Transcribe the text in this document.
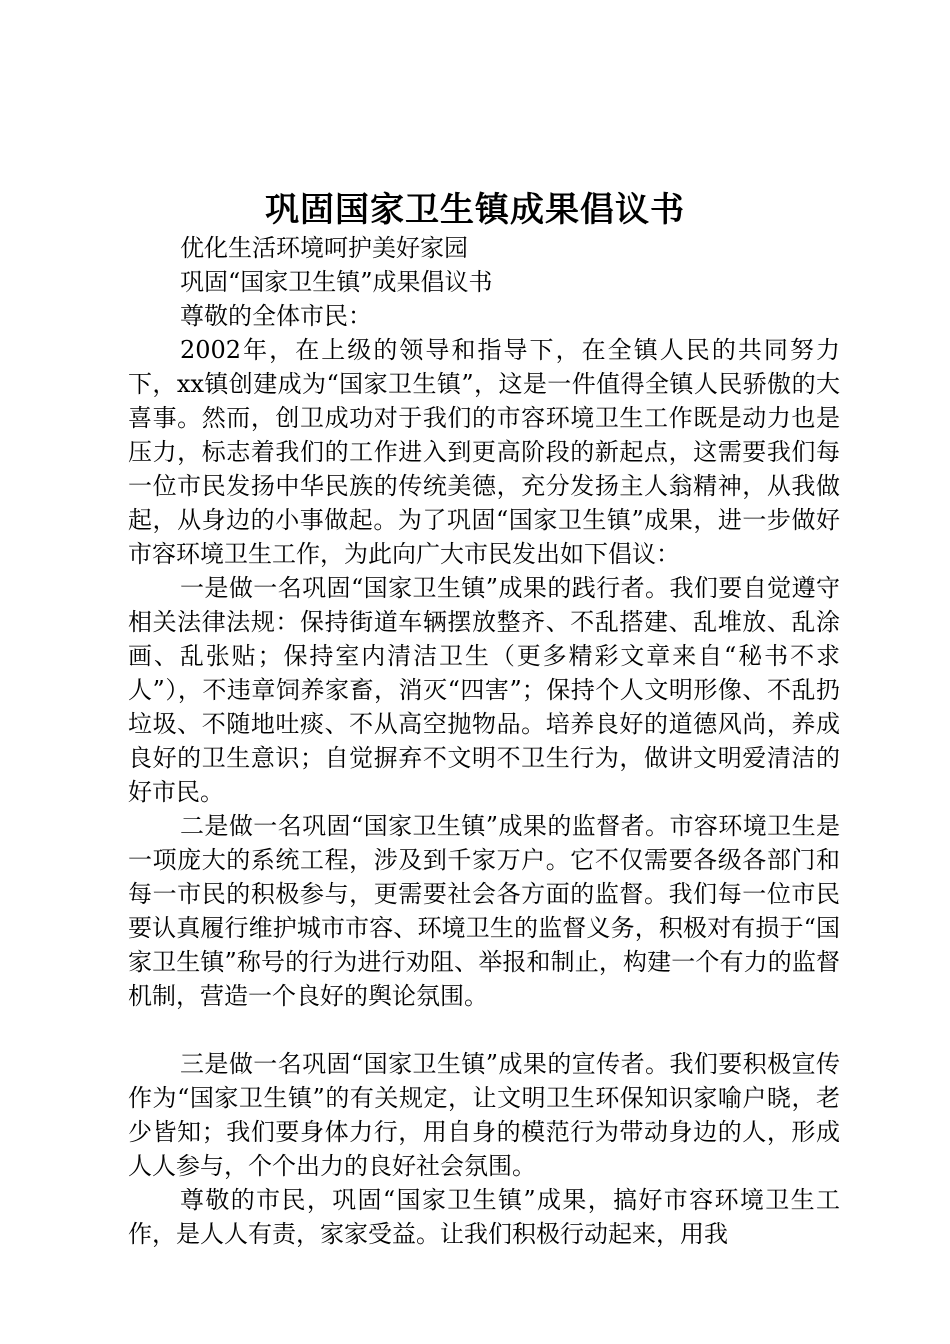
巩固国家卫生镇成果倡议书

优化生活环境呵护美好家园

巩固“国家卫生镇”成果倡议书

尊敬的全体市民：

2002年，在上级的领导和指导下，在全镇人民的共同努力下，xx镇创建成为“国家卫生镇”，这是一件值得全镇人民骄傲的大喜事。然而，创卫成功对于我们的市容环境卫生工作既是动力也是压力，标志着我们的工作进入到更高阶段的新起点，这需要我们每一位市民发扬中华民族的传统美德，充分发扬主人翁精神，从我做起，从身边的小事做起。为了巩固“国家卫生镇”成果，进一步做好市容环境卫生工作，为此向广大市民发出如下倡议：

一是做一名巩固“国家卫生镇”成果的践行者。我们要自觉遵守相关法律法规：保持街道车辆摆放整齐、不乱搭建、乱堆放、乱涂画、乱张贴；保持室内清洁卫生（更多精彩文章来自“秘书不求人”），不违章饲养家畜，消灭“四害”；保持个人文明形像、不乱扔垃圾、不随地吐痰、不从高空抛物品。培养良好的道德风尚，养成良好的卫生意识；自觉摒弃不文明不卫生行为，做讲文明爱清洁的好市民。

二是做一名巩固“国家卫生镇”成果的监督者。市容环境卫生是一项庞大的系统工程，涉及到千家万户。它不仅需要各级各部门和每一市民的积极参与，更需要社会各方面的监督。我们每一位市民要认真履行维护城市市容、环境卫生的监督义务，积极对有损于“国家卫生镇”称号的行为进行劝阻、举报和制止，构建一个有力的监督机制，营造一个良好的舆论氛围。

三是做一名巩固“国家卫生镇”成果的宣传者。我们要积极宣传作为“国家卫生镇”的有关规定，让文明卫生环保知识家喻户晓，老少皆知；我们要身体力行，用自身的模范行为带动身边的人，形成人人参与，个个出力的良好社会氛围。

尊敬的市民，巩固“国家卫生镇”成果，搞好市容环境卫生工作，是人人有责，家家受益。让我们积极行动起来，用我
